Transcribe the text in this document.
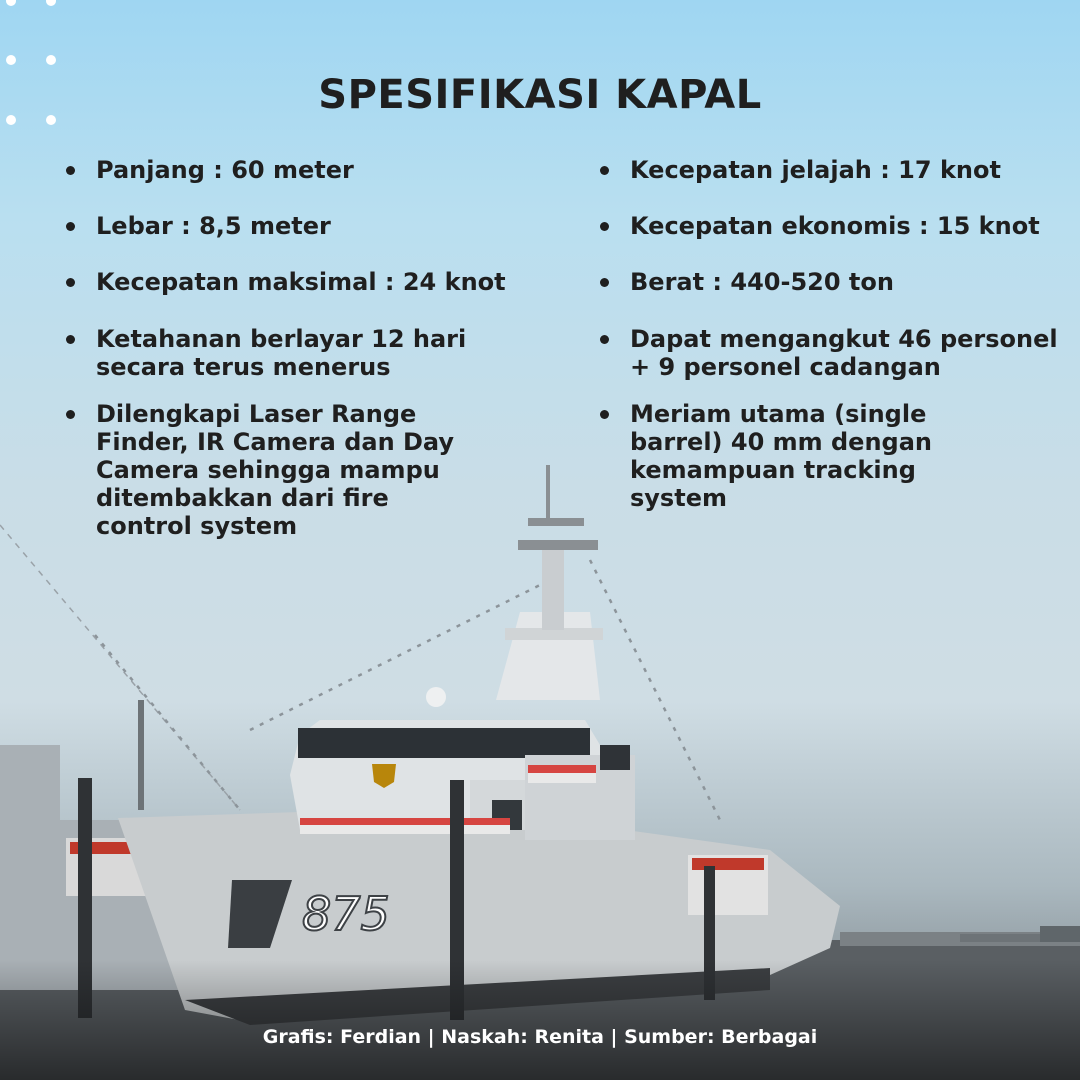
875
SPESIFIKASI KAPAL
Panjang : 60 meter
Lebar : 8,5 meter
Kecepatan maksimal : 24 knot
Ketahanan berlayar 12 hari secara terus menerus
Dilengkapi Laser Range Finder, IR Camera dan Day Camera sehingga mampu ditembakkan dari fire control system
Kecepatan jelajah : 17 knot
Kecepatan ekonomis : 15 knot
Berat : 440-520 ton
Dapat mengangkut 46 personel + 9 personel cadangan
Meriam utama (single barrel) 40 mm dengan kemampuan tracking system
Grafis: Ferdian | Naskah: Renita | Sumber: Berbagai
